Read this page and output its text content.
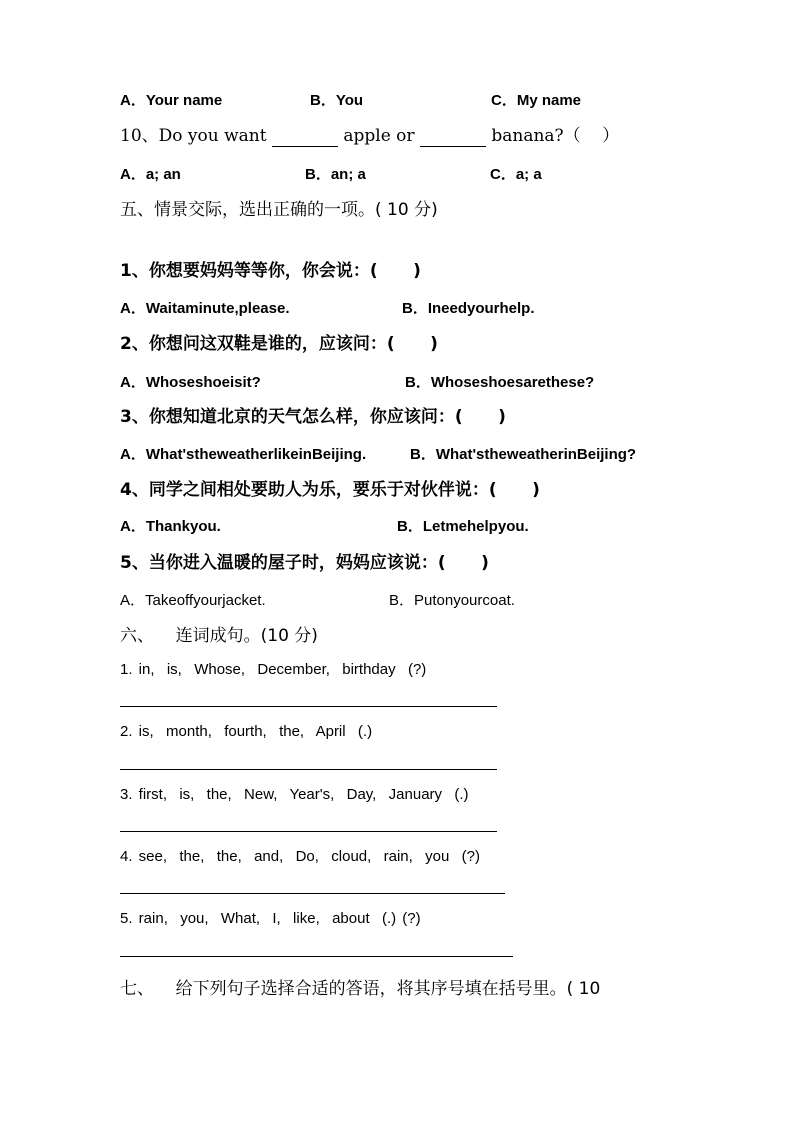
A．Your name	B．You	C．My name
10、Do you want	apple or	banana?（    ）
A．a; an	B．an; a	C．a; a
五、情景交际，选出正确的一项。( 10 分)
1、你想要妈妈等等你，你会说：(      )
A．Waitaminute,please.	B．Ineedyourhelp.
2、你想问这双鞋是谁的，应该问：(      )
A．Whoseshoeisit?	B．Whoseshoesarethese?
3、你想知道北京的天气怎么样，你应该问：(      )
A．What'stheweatherlikeinBeijing.	B．What'stheweatherinBeijing?
4、同学之间相处要助人为乐，要乐于对伙伴说：(      )
A．Thankyou.	B．Letmehelpyou.
5、当你进入温暖的屋子时，妈妈应该说：(      )
A．Takeoffyourjacket.	B．Putonyourcoat.
六、    连词成句。(10 分)
1. in,  is,  Whose,  December,  birthday  (?)
2. is,  month,  fourth,  the,  April  (.)
3. first,  is,  the,  New,  Year's,  Day,  January  (.)
4. see,  the,  the,  and,  Do,  cloud,  rain,  you  (?)
5. rain,  you,  What,  I,  like,  about  (.) (?)
七、    给下列句子选择合适的答语，将其序号填在括号里。( 10
